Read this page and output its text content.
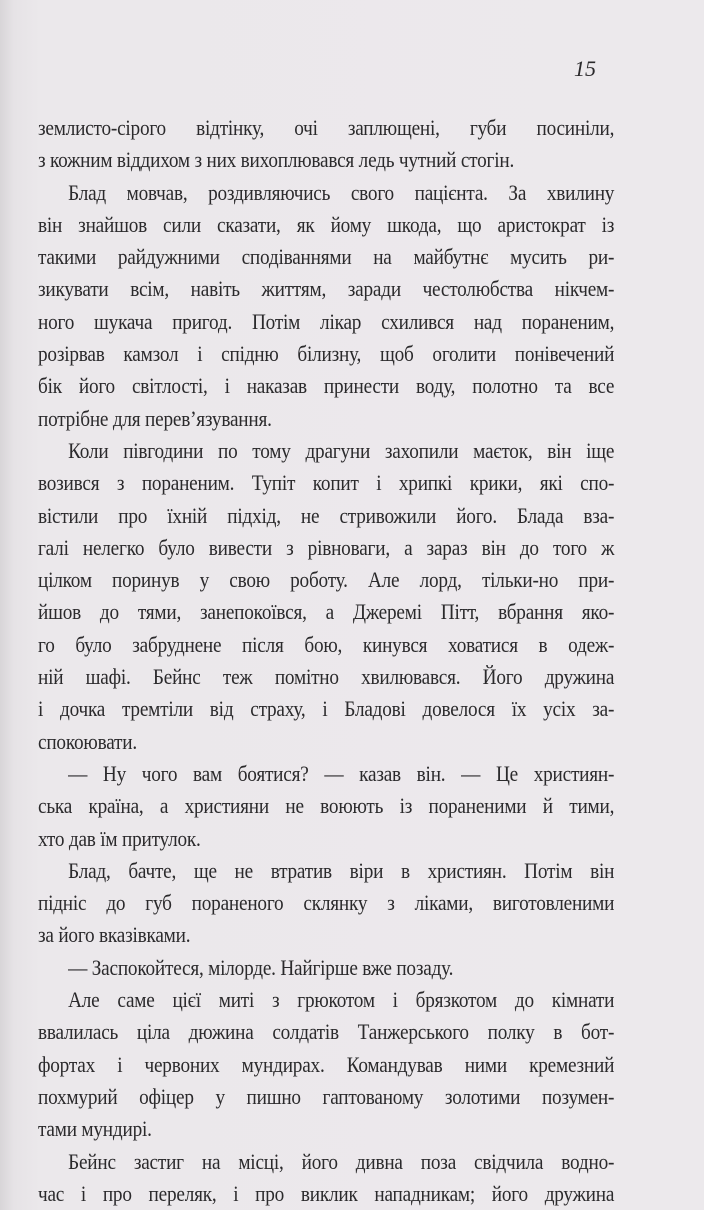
15
землисто-сірого відтінку, очі заплющені, губи посиніли,
з кожним віддихом з них вихоплювався ледь чутний стогін.
Блад мовчав, роздивляючись свого пацієнта. За хвилину
він знайшов сили сказати, як йому шкода, що аристократ із
такими райдужними сподіваннями на майбутнє мусить ри-
зикувати всім, навіть життям, заради честолюбства нікчем-
ного шукача пригод. Потім лікар схилився над пораненим,
розірвав камзол і спідню білизну, щоб оголити понівечений
бік його світлості, і наказав принести воду, полотно та все
потрібне для перев’язування.
Коли півгодини по тому драгуни захопили маєток, він іще
возився з пораненим. Тупіт копит і хрипкі крики, які спо-
вістили про їхній підхід, не стривожили його. Блада вза-
галі нелегко було вивести з рівноваги, а зараз він до того ж
цілком поринув у свою роботу. Але лорд, тільки-но при-
йшов до тями, занепокоївся, а Джеремі Пітт, вбрання яко-
го було забруднене після бою, кинувся ховатися в одеж-
ній шафі. Бейнс теж помітно хвилювався. Його дружина
і дочка тремтіли від страху, і Бладові довелося їх усіх за-
спокоювати.
— Ну чого вам боятися? — казав він. — Це християн-
ська країна, а християни не воюють із пораненими й тими,
хто дав їм притулок.
Блад, бачте, ще не втратив віри в християн. Потім він
підніс до губ пораненого склянку з ліками, виготовленими
за його вказівками.
— Заспокойтеся, мілорде. Найгірше вже позаду.
Але саме цієї миті з грюкотом і брязкотом до кімнати
ввалилась ціла дюжина солдатів Танжерського полку в бот-
фортах і червоних мундирах. Командував ними кремезний
похмурий офіцер у пишно гаптованому золотими позумен-
тами мундирі.
Бейнс застиг на місці, його дивна поза свідчила водно-
час і про переляк, і про виклик нападникам; його дружина
